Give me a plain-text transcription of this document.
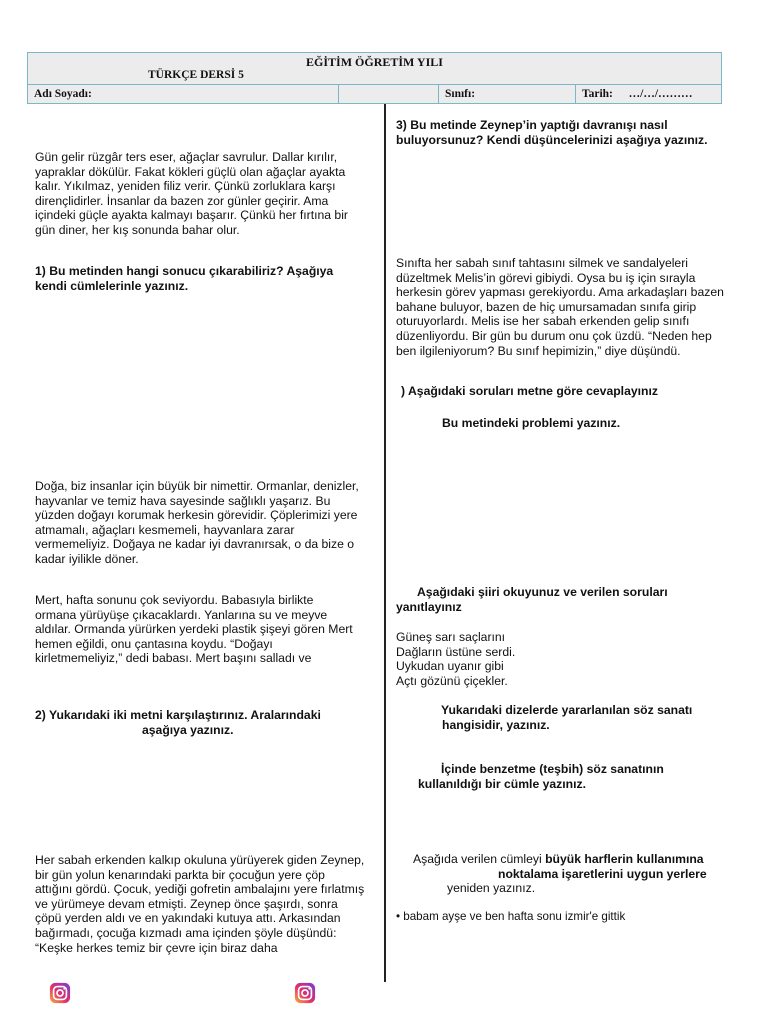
EĞİTİM ÖĞRETİM YILI
TÜRKÇE DERSİ 5
Adı Soyadı:	Sınıfı:	Tarih: …/…/………
Gün gelir rüzgâr ters eser, ağaçlar savrulur. Dallar kırılır, yapraklar dökülür. Fakat kökleri güçlü olan ağaçlar ayakta kalır. Yıkılmaz, yeniden filiz verir. Çünkü zorluklara karşı dirençlidirler. İnsanlar da bazen zor günler geçirir. Ama içindeki güçle ayakta kalmayı başarır. Çünkü her fırtına bir gün diner, her kış sonunda bahar olur.
1) Bu metinden hangi sonucu çıkarabiliriz? Aşağıya kendi cümlelerinle yazınız.
Doğa, biz insanlar için büyük bir nimettir. Ormanlar, denizler, hayvanlar ve temiz hava sayesinde sağlıklı yaşarız. Bu yüzden doğayı korumak herkesin görevidir. Çöplerimizi yere atmamalı, ağaçları kesmemeli, hayvanlara zarar vermemeliyiz. Doğaya ne kadar iyi davranırsak, o da bize o kadar iyilikle döner.
Mert, hafta sonunu çok seviyordu. Babasıyla birlikte ormana yürüyüşe çıkacaklardı. Yanlarına su ve meyve aldılar. Ormanda yürürken yerdeki plastik şişeyi gören Mert hemen eğildi, onu çantasına koydu. “Doğayı kirletmemeliyiz,” dedi babası. Mert başını salladı ve
2) Yukarıdaki iki metni karşılaştırınız. Aralarındaki
aşağıya yazınız.
Her sabah erkenden kalkıp okuluna yürüyerek giden Zeynep, bir gün yolun kenarındaki parkta bir çocuğun yere çöp attığını gördü. Çocuk, yediği gofretin ambalajını yere fırlatmış ve yürümeye devam etmişti. Zeynep önce şaşırdı, sonra çöpü yerden aldı ve en yakındaki kutuya attı. Arkasından bağırmadı, çocuğa kızmadı ama içinden şöyle düşündü: “Keşke herkes temiz bir çevre için biraz daha
3) Bu metinde Zeynep’in yaptığı davranışı nasıl buluyorsunuz? Kendi düşüncelerinizi aşağıya yazınız.
Sınıfta her sabah sınıf tahtasını silmek ve sandalyeleri düzeltmek Melis’in görevi gibiydi. Oysa bu iş için sırayla herkesin görev yapması gerekiyordu. Ama arkadaşları bazen bahane buluyor, bazen de hiç umursamadan sınıfa girip oturuyorlardı. Melis ise her sabah erkenden gelip sınıfı düzenliyordu. Bir gün bu durum onu çok üzdü. “Neden hep ben ilgileniyorum? Bu sınıf hepimizin,” diye düşündü.
) Aşağıdaki soruları metne göre cevaplayınız
Bu metindeki problemi yazınız.
Aşağıdaki şiiri okuyunuz ve verilen soruları
yanıtlayınız
Güneş sarı saçlarını
Dağların üstüne serdi.
Uykudan uyanır gibi
Açtı gözünü çiçekler.
Yukarıdaki dizelerde yararlanılan söz sanatı
hangisidir, yazınız.
İçinde benzetme (teşbih) söz sanatının
kullanıldığı bir cümle yazınız.
Aşağıda verilen cümleyi büyük harflerin kullanımına
noktalama işaretlerini uygun yerlere
yeniden yazınız.
• babam ayşe ve ben hafta sonu izmir'e gittik
